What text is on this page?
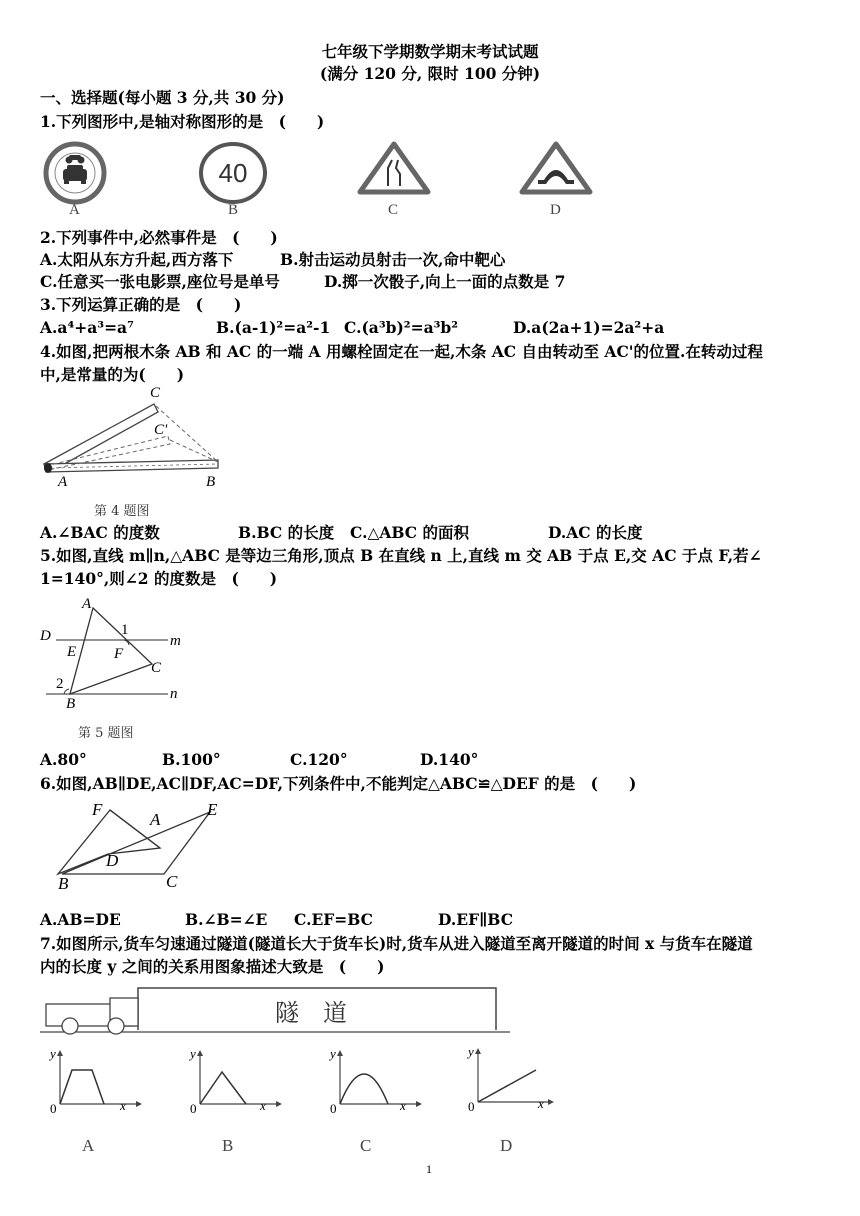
七年级下学期数学期末考试试题
(满分 120 分, 限时 100 分钟)
一、选择题(每小题 3 分,共 30 分)
1.下列图形中,是轴对称图形的是　(　　)
40
A	B	C	D
2.下列事件中,必然事件是　(　　)
A.太阳从东方升起,西方落下	B.射击运动员射击一次,命中靶心
C.任意买一张电影票,座位号是单号	D.掷一次骰子,向上一面的点数是 7
3.下列运算正确的是　(　　)
A.a⁴+a³=a⁷	B.(a-1)²=a²-1 C.(a³b)²=a³b²	D.a(2a+1)=2a²+a
4.如图,把两根木条 AB 和 AC 的一端 A 用螺栓固定在一起,木条 AC 自由转动至 AC'的位置.在转动过程
中,是常量的为(　　)
C
C'
A	B
第 4 题图
A.∠BAC 的度数	B.BC 的长度 C.△ABC 的面积	D.AC 的长度
5.如图,直线 m∥n,△ABC 是等边三角形,顶点 B 在直线 n 上,直线 m 交 AB 于点 E,交 AC 于点 F,若∠
1=140°,则∠2 的度数是　(　　)
A
D	1
m
E	F
C
2
n
B
第 5 题图
A.80°	B.100°	C.120°	D.140°
6.如图,AB∥DE,AC∥DF,AC=DF,下列条件中,不能判定△ABC≌△DEF 的是　(　　)
F
A
E
D
B	C
A.AB=DE	B.∠B=∠E C.EF=BC	D.EF∥BC
7.如图所示,货车匀速通过隧道(隧道长大于货车长)时,货车从进入隧道至离开隧道的时间 x 与货车在隧道
内的长度 y 之间的关系用图象描述大致是　(　　)
隧　道
y
x
0
y
x
0
y
x
0
y
x
0
A	B	C	D
1
